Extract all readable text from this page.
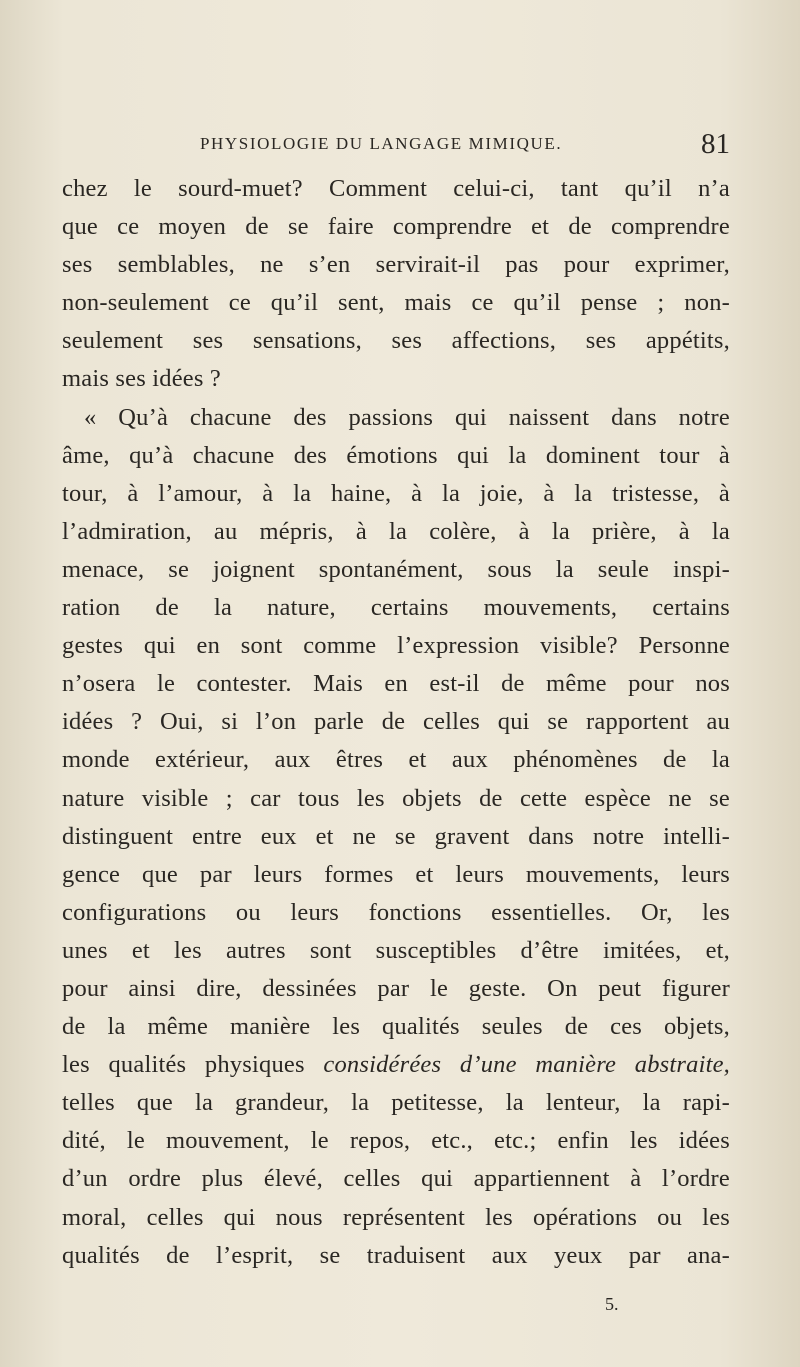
PHYSIOLOGIE DU LANGAGE MIMIQUE.	81
chez le sourd-muet? Comment celui-ci, tant qu’il n’a
que ce moyen de se faire comprendre et de comprendre
ses semblables, ne s’en servirait-il pas pour exprimer,
non-seulement ce qu’il sent, mais ce qu’il pense ; non-
seulement ses sensations, ses affections, ses appétits,
mais ses idées ?
« Qu’à chacune des passions qui naissent dans notre
âme, qu’à chacune des émotions qui la dominent tour à
tour, à l’amour, à la haine, à la joie, à la tristesse, à
l’admiration, au mépris, à la colère, à la prière, à la
menace, se joignent spontanément, sous la seule inspi-
ration de la nature, certains mouvements, certains
gestes qui en sont comme l’expression visible? Personne
n’osera le contester. Mais en est-il de même pour nos
idées ? Oui, si l’on parle de celles qui se rapportent au
monde extérieur, aux êtres et aux phénomènes de la
nature visible ; car tous les objets de cette espèce ne se
distinguent entre eux et ne se gravent dans notre intelli-
gence que par leurs formes et leurs mouvements, leurs
configurations ou leurs fonctions essentielles. Or, les
unes et les autres sont susceptibles d’être imitées, et,
pour ainsi dire, dessinées par le geste. On peut figurer
de la même manière les qualités seules de ces objets,
les qualités physiques considérées d’une manière abstraite,
telles que la grandeur, la petitesse, la lenteur, la rapi-
dité, le mouvement, le repos, etc., etc.; enfin les idées
d’un ordre plus élevé, celles qui appartiennent à l’ordre
moral, celles qui nous représentent les opérations ou les
qualités de l’esprit, se traduisent aux yeux par ana-
5.
